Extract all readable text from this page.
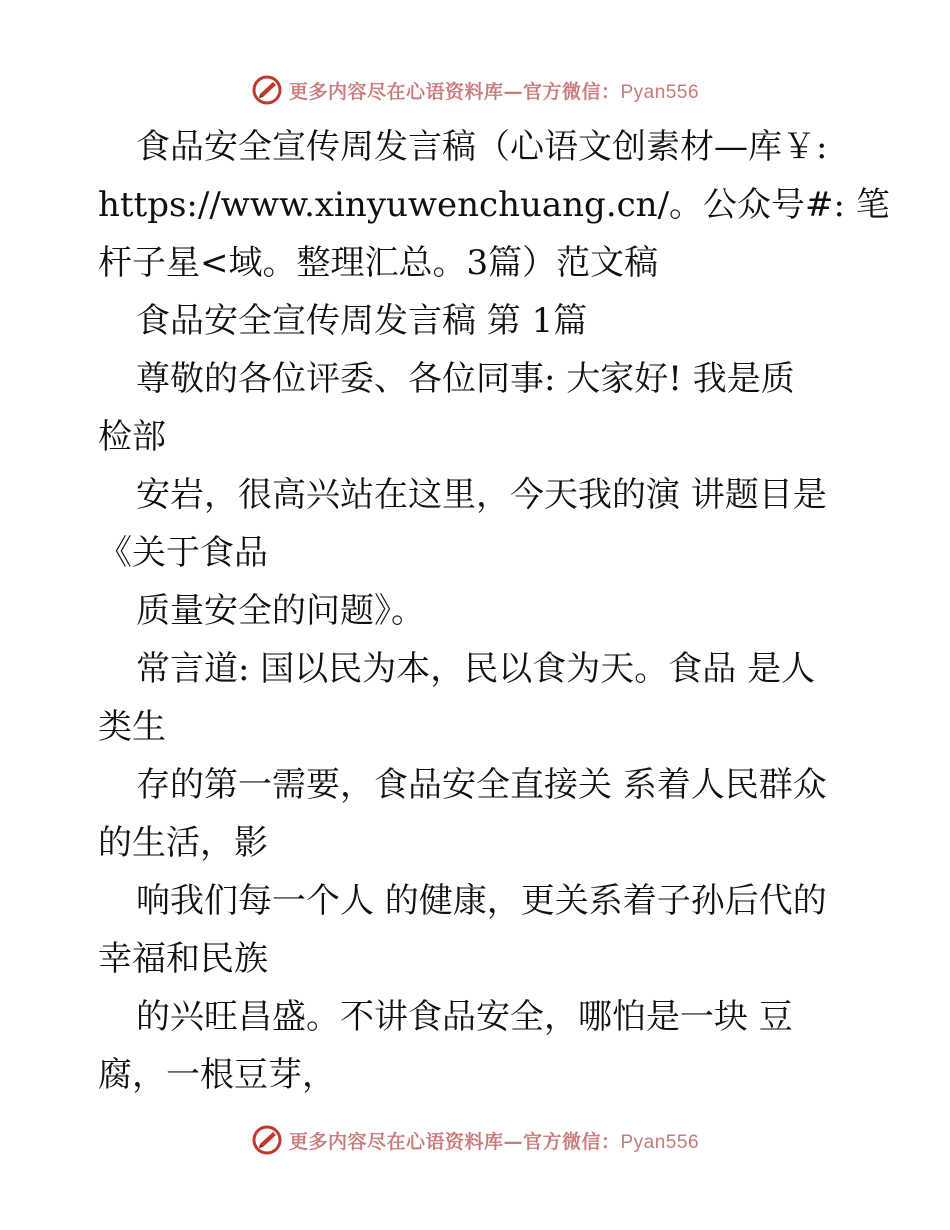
更多内容尽在心语资料库—官方微信：Pyan556
食品安全宣传周发言稿（心语文创素材—库￥:
https://www.xinyuwenchuang.cn/。公众号#: 笔
杆子星<域。整理汇总。3篇）范文稿
食品安全宣传周发言稿 第 1篇
尊敬的各位评委、各位同事: 大家好! 我是质
检部
安岩，很高兴站在这里，今天我的演 讲题目是
《关于食品
质量安全的问题》。
常言道: 国以民为本，民以食为天。食品 是人
类生
存的第一需要，食品安全直接关 系着人民群众
的生活，影
响我们每一个人 的健康，更关系着子孙后代的
幸福和民族
的兴旺昌盛。不讲食品安全，哪怕是一块 豆
腐，一根豆芽，
更多内容尽在心语资料库—官方微信：Pyan556
